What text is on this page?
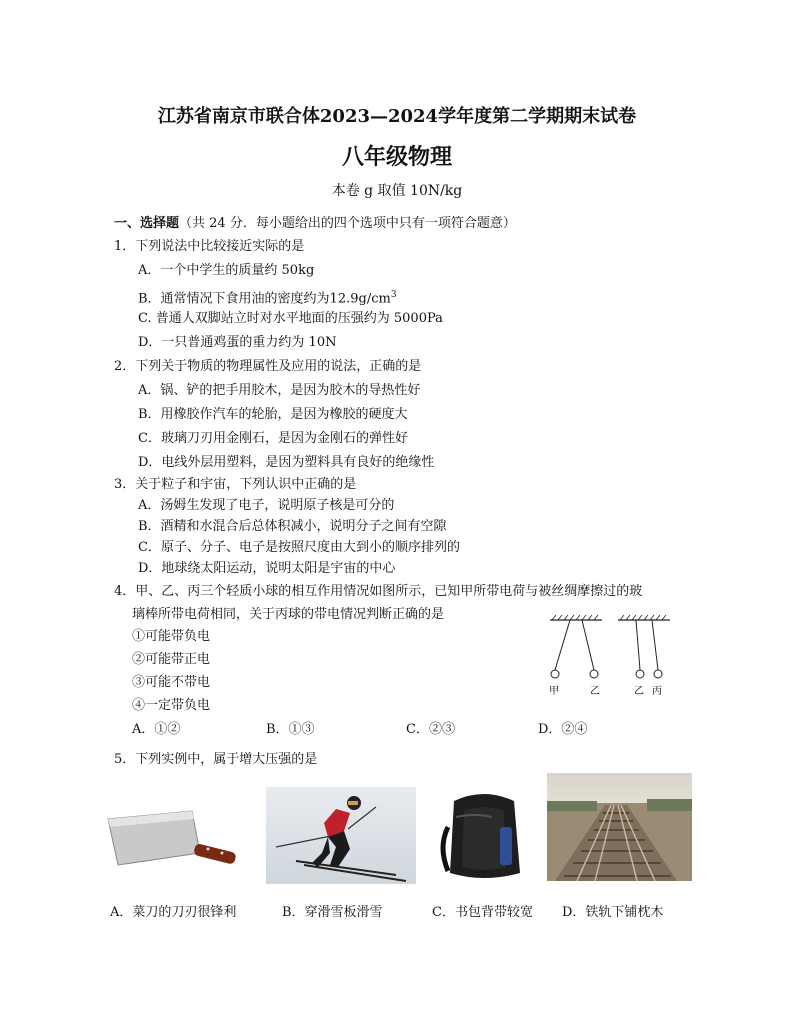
江苏省南京市联合体2023—2024学年度第二学期期末试卷
八年级物理
本卷 g 取值 10N/kg
一、选择题（共 24 分．每小题给出的四个选项中只有一项符合题意）
1．下列说法中比较接近实际的是
A．一个中学生的质量约 50kg
B．通常情况下食用油的密度约为$12.9g/cm^3$
C. 普通人双脚站立时对水平地面的压强约为 5000Pa
D．一只普通鸡蛋的重力约为 10N
2．下列关于物质的物理属性及应用的说法，正确的是
A．锅、铲的把手用胶木，是因为胶木的导热性好
B．用橡胶作汽车的轮胎，是因为橡胶的硬度大
C．玻璃刀刃用金刚石，是因为金刚石的弹性好
D．电线外层用塑料，是因为塑料具有良好的绝缘性
3．关于粒子和宇宙，下列认识中正确的是
A．汤姆生发现了电子，说明原子核是可分的
B．酒精和水混合后总体积减小，说明分子之间有空隙
C．原子、分子、电子是按照尺度由大到小的顺序排列的
D．地球绕太阳运动，说明太阳是宇宙的中心
4．甲、乙、丙三个轻质小球的相互作用情况如图所示，已知甲所带电荷与被丝绸摩擦过的玻
璃棒所带电荷相同，关于丙球的带电情况判断正确的是
①可能带负电
②可能带正电
③可能不带电
④一定带负电
A．①②	B．①③	C．②③	D．②④
甲	乙	乙 丙
5．下列实例中，属于增大压强的是
A．菜刀的刀刃很锋利	B．穿滑雪板滑雪	C．书包背带较宽 D．铁轨下铺枕木
